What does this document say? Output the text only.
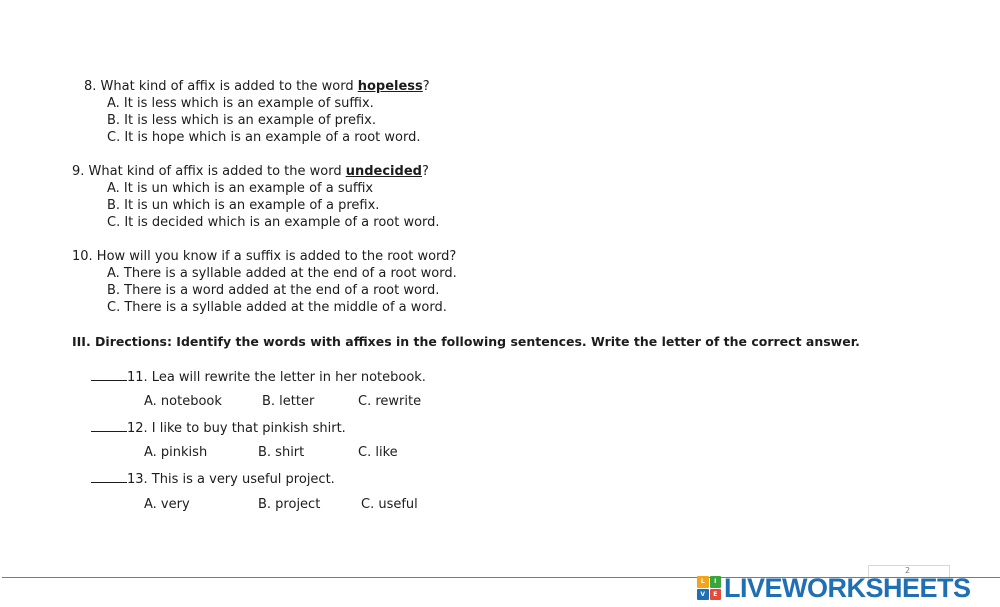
8. What kind of affix is added to the word hopeless?
A. It is less which is an example of suffix.
B. It is less which is an example of prefix.
C. It is hope which is an example of a root word.
9. What kind of affix is added to the word undecided?
A. It is un which is an example of a suffix
B. It is un which is an example of a prefix.
C. It is decided which is an example of a root word.
10. How will you know if a suffix is added to the root word?
A. There is a syllable added at the end of a root word.
B. There is a word added at the end of a root word.
C. There is a syllable added at the middle of a word.
III. Directions: Identify the words with affixes in the following sentences. Write the letter of the correct answer.
11. Lea will rewrite the letter in her notebook.
A. notebook	B. letter	C. rewrite
12. I like to buy that pinkish shirt.
A. pinkish	B. shirt	C. like
13. This is a very useful project.
A. very	B. project	C. useful
2
L	I
V	E LIVEWORKSHEETS
